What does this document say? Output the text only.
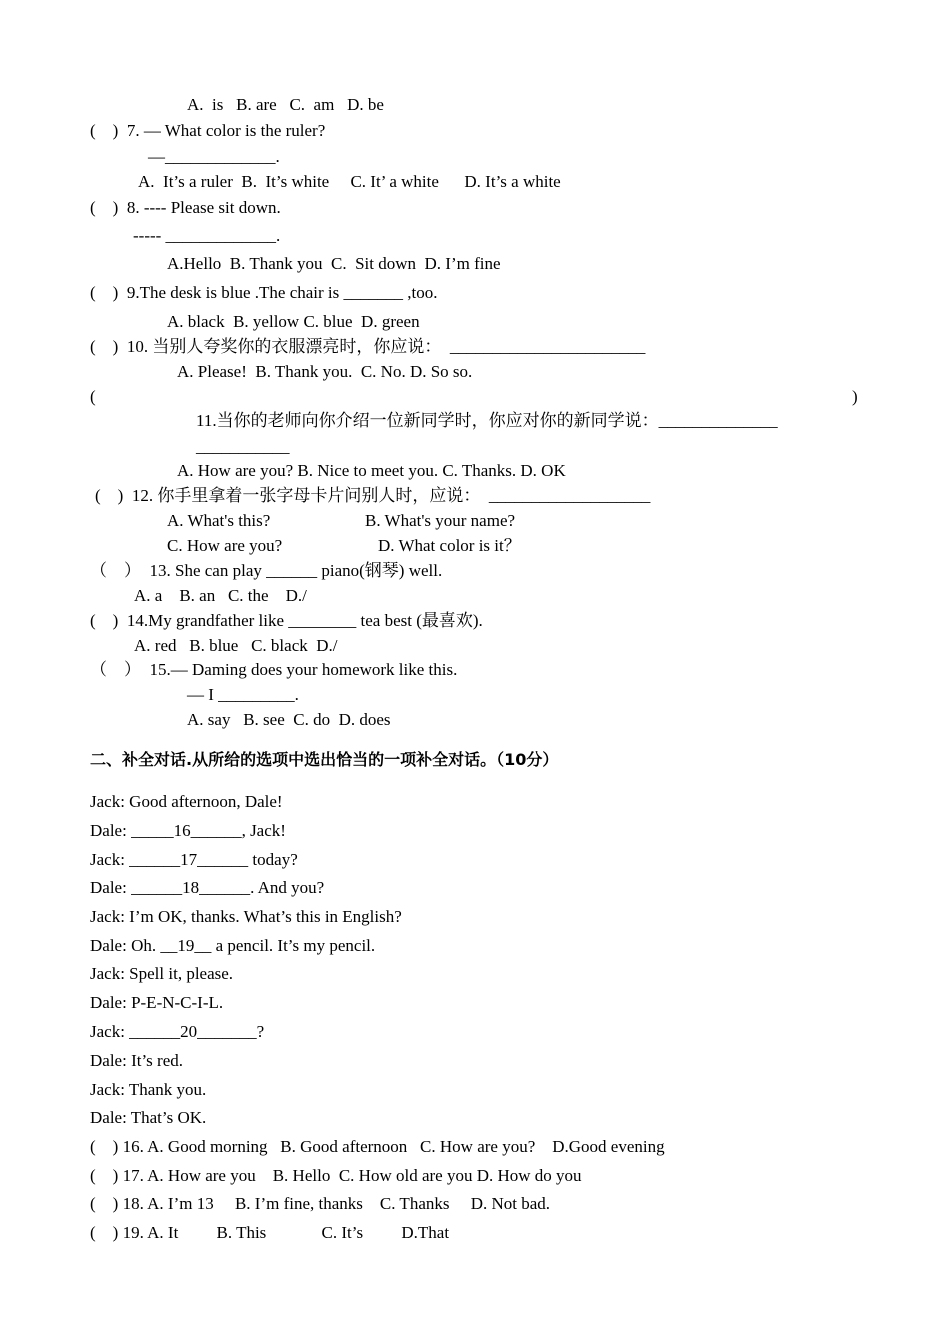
A.  is   B. are   C.  am   D. be
(    )  7. — What color is the ruler?
—_____________.
A.  It’s a ruler  B.  It’s white     C. It’ a white      D. It’s a white
(    )  8. ---- Please sit down.
----- _____________.
A.Hello  B. Thank you  C.  Sit down  D. I’m fine
(    )  9.The desk is blue .The chair is _______ ,too.
A. black  B. yellow C. blue  D. green
(    )  10. 当别人夸奖你的衣服漂亮时，你应说：  _______________________
A. Please!  B. Thank you.  C. No. D. So so.
(	)
11.当你的老师向你介绍一位新同学时，你应对你的新同学说：______________
___________
A. How are you? B. Nice to meet you. C. Thanks. D. OK
(    )  12. 你手里拿着一张字母卡片问别人时，应说：  ___________________
A. What's this?	B. What's your name?
C. How are you?	D. What color is it？
（    ）  13. She can play ______ piano(钢琴) well.
A. a    B. an   C. the    D./
(    )  14.My grandfather like ________ tea best (最喜欢).
A. red   B. blue   C. black  D./
（    ）  15.— Daming does your homework like this.
— I _________.
A. say   B. see  C. do  D. does
二、补全对话.从所给的选项中选出恰当的一项补全对话。（10分）
Jack: Good afternoon, Dale!
Dale: _____16______, Jack!
Jack: ______17______ today?
Dale: ______18______. And you?
Jack: I’m OK, thanks. What’s this in English?
Dale: Oh. __19__ a pencil. It’s my pencil.
Jack: Spell it, please.
Dale: P-E-N-C-I-L.
Jack: ______20_______?
Dale: It’s red.
Jack: Thank you.
Dale: That’s OK.
(    ) 16. A. Good morning   B. Good afternoon   C. How are you?    D.Good evening
(    ) 17. A. How are you    B. Hello  C. How old are you D. How do you
(    ) 18. A. I’m 13     B. I’m fine, thanks    C. Thanks     D. Not bad.
(    ) 19. A. It         B. This             C. It’s         D.That
